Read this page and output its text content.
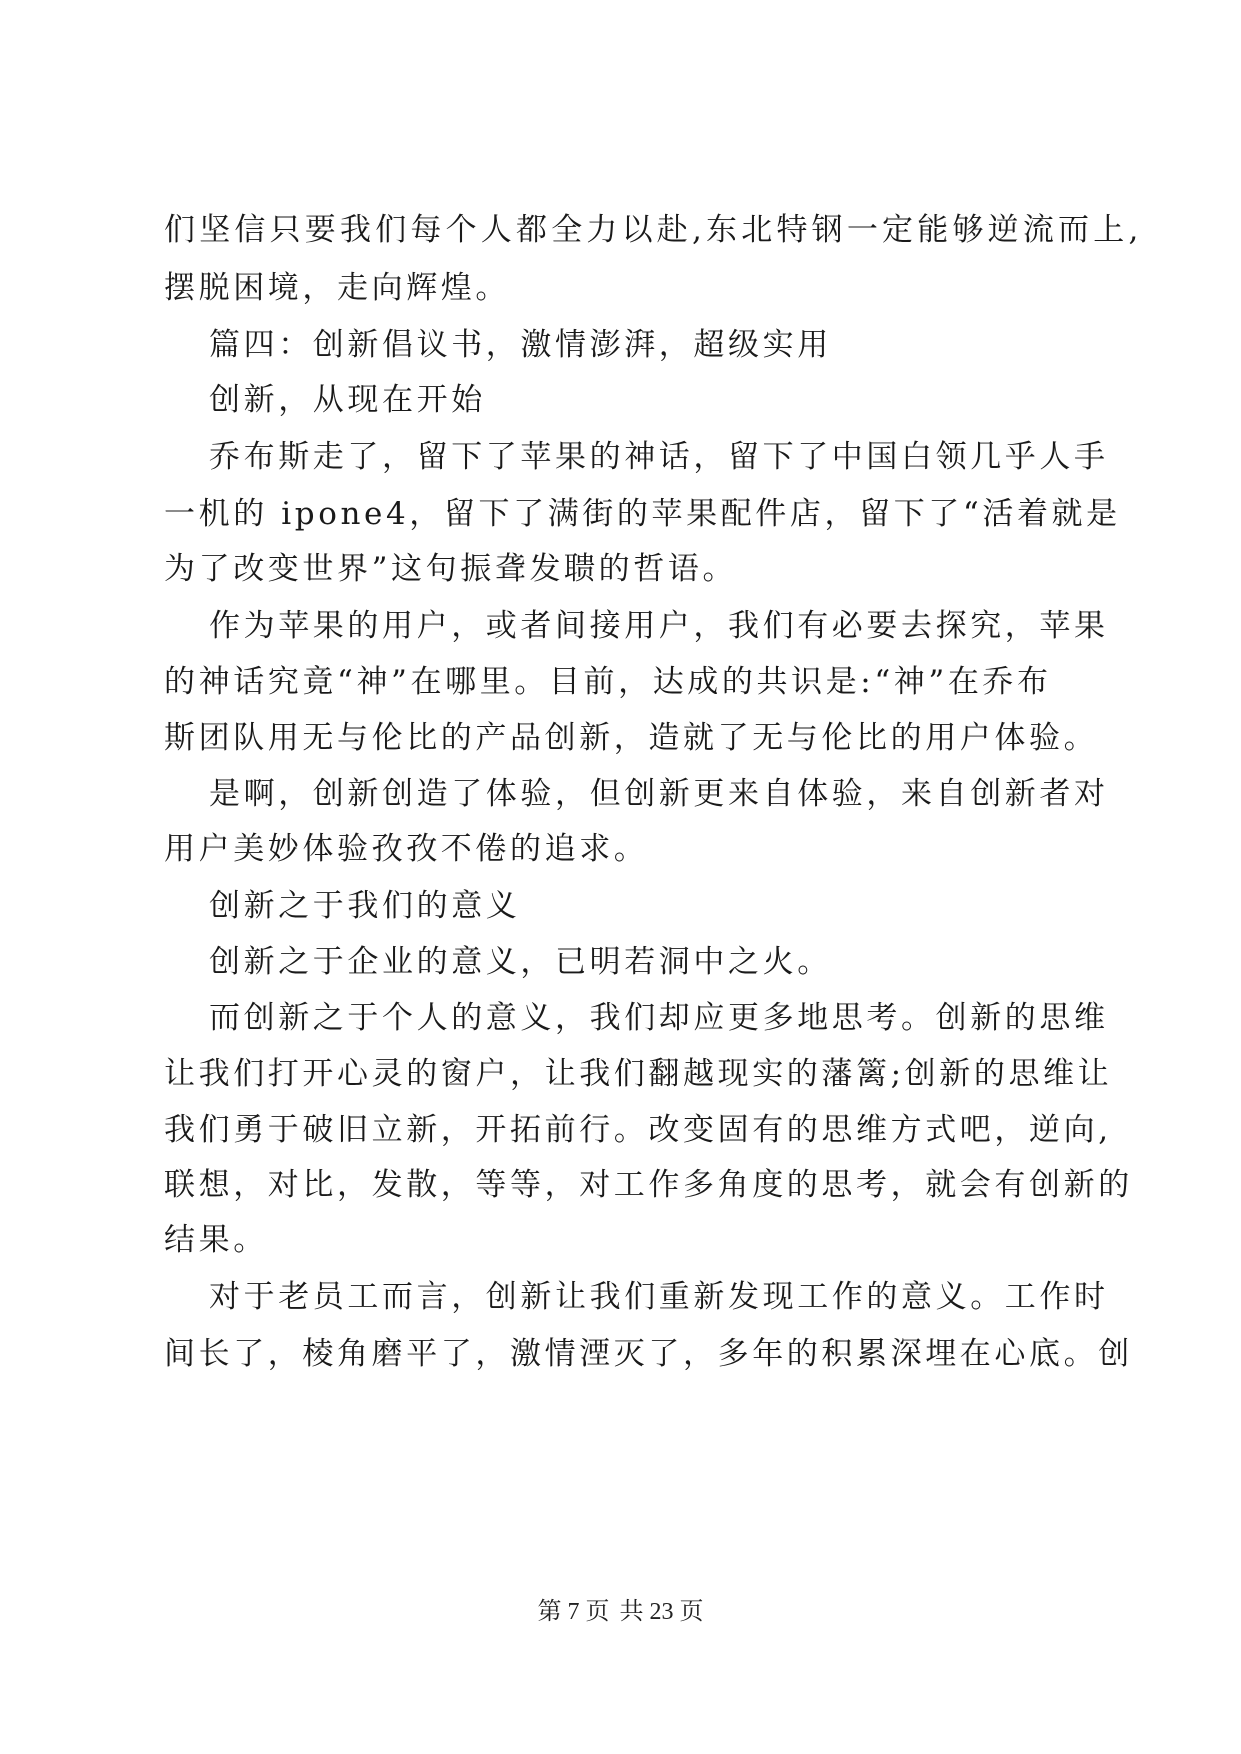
们坚信只要我们每个人都全力以赴,东北特钢一定能够逆流而上,
摆脱困境，走向辉煌。
篇四：创新倡议书，激情澎湃，超级实用
创新，从现在开始
乔布斯走了，留下了苹果的神话，留下了中国白领几乎人手
一机的 ipone4，留下了满街的苹果配件店，留下了“活着就是
为了改变世界”这句振聋发聩的哲语。
作为苹果的用户，或者间接用户，我们有必要去探究，苹果
的神话究竟“神”在哪里。目前，达成的共识是:“神”在乔布
斯团队用无与伦比的产品创新，造就了无与伦比的用户体验。
是啊，创新创造了体验，但创新更来自体验，来自创新者对
用户美妙体验孜孜不倦的追求。
创新之于我们的意义
创新之于企业的意义，已明若洞中之火。
而创新之于个人的意义，我们却应更多地思考。创新的思维
让我们打开心灵的窗户，让我们翻越现实的藩篱;创新的思维让
我们勇于破旧立新，开拓前行。改变固有的思维方式吧，逆向,
联想，对比，发散，等等，对工作多角度的思考，就会有创新的
结果。
对于老员工而言，创新让我们重新发现工作的意义。工作时
间长了，棱角磨平了，激情湮灭了，多年的积累深埋在心底。创
第 7 页 共 23 页
